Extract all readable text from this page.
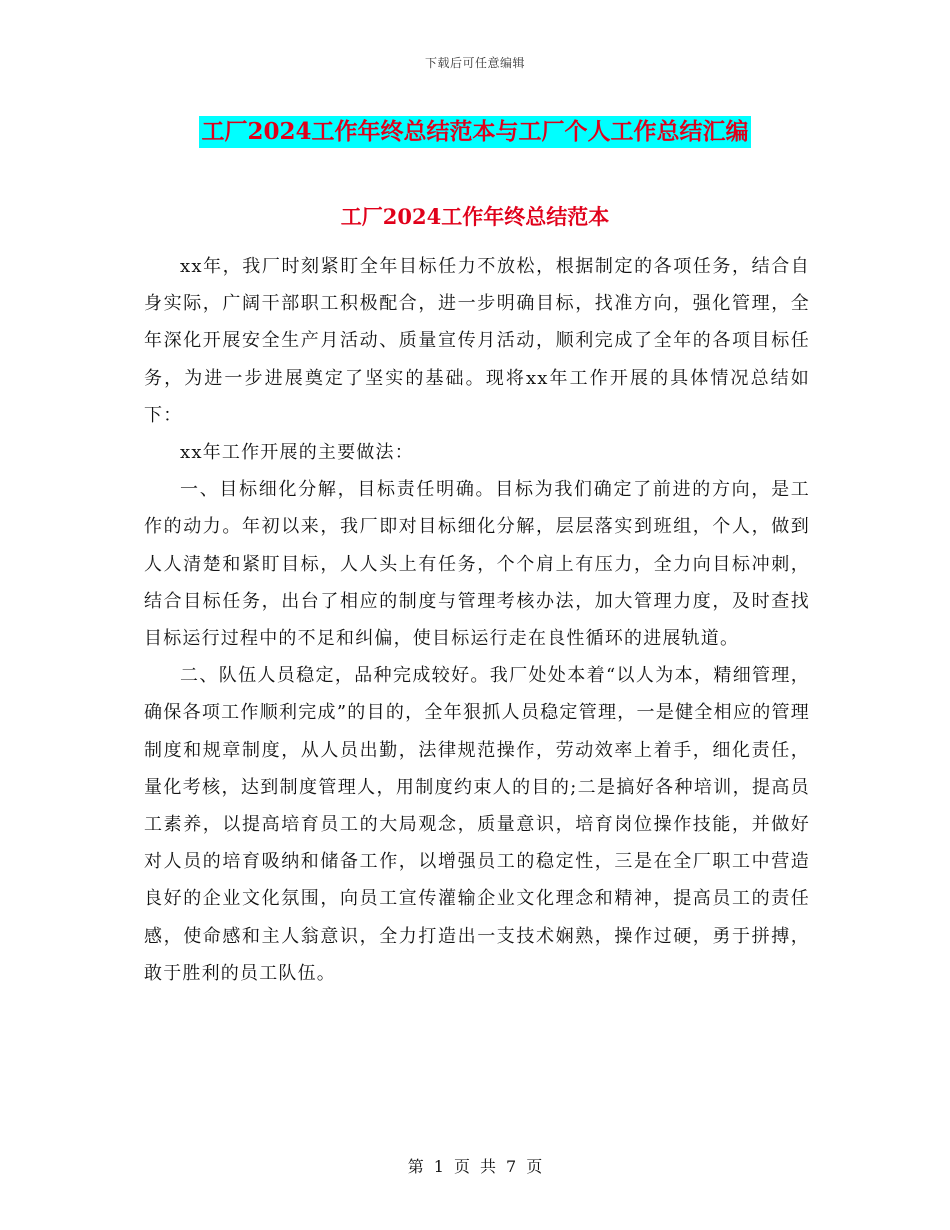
下载后可任意编辑
工厂2024工作年终总结范本与工厂个人工作总结汇编
工厂2024工作年终总结范本

xx年，我厂时刻紧盯全年目标任力不放松，根据制定的各项任务，结合自身实际，广阔干部职工积极配合，进一步明确目标，找准方向，强化管理，全年深化开展安全生产月活动、质量宣传月活动，顺利完成了全年的各项目标任务，为进一步进展奠定了坚实的基础。现将xx年工作开展的具体情况总结如下：

xx年工作开展的主要做法：

一、目标细化分解，目标责任明确。目标为我们确定了前进的方向，是工作的动力。年初以来，我厂即对目标细化分解，层层落实到班组，个人，做到人人清楚和紧盯目标，人人头上有任务，个个肩上有压力，全力向目标冲刺，结合目标任务，出台了相应的制度与管理考核办法，加大管理力度，及时查找目标运行过程中的不足和纠偏，使目标运行走在良性循环的进展轨道。

二、队伍人员稳定，品种完成较好。我厂处处本着“以人为本，精细管理，确保各项工作顺利完成”的目的，全年狠抓人员稳定管理，一是健全相应的管理制度和规章制度，从人员出勤，法律规范操作，劳动效率上着手，细化责任，量化考核，达到制度管理人，用制度约束人的目的;二是搞好各种培训，提高员工素养，以提高培育员工的大局观念，质量意识，培育岗位操作技能，并做好对人员的培育吸纳和储备工作，以增强员工的稳定性，三是在全厂职工中营造良好的企业文化氛围，向员工宣传灌输企业文化理念和精神，提高员工的责任感，使命感和主人翁意识，全力打造出一支技术娴熟，操作过硬，勇于拼搏，敢于胜利的员工队伍。

第 1 页 共 7 页
